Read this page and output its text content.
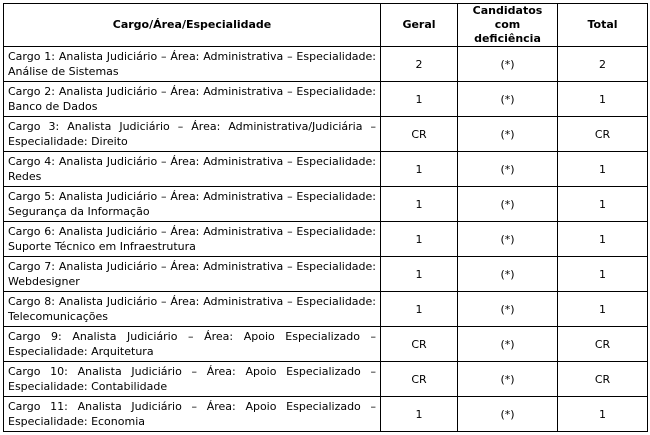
Cargo/Área/Especialidade	Geral	Candidatos com deficiência	Total
Cargo 1: Analista Judiciário – Área: Administrativa – Especialidade: Análise de Sistemas	2	(*)	2
Cargo 2: Analista Judiciário – Área: Administrativa – Especialidade: Banco de Dados	1	(*)	1
Cargo 3: Analista Judiciário – Área: Administrativa/Judiciária – Especialidade: Direito	CR	(*)	CR
Cargo 4: Analista Judiciário – Área: Administrativa – Especialidade: Redes	1	(*)	1
Cargo 5: Analista Judiciário – Área: Administrativa – Especialidade: Segurança da Informação	1	(*)	1
Cargo 6: Analista Judiciário – Área: Administrativa – Especialidade: Suporte Técnico em Infraestrutura	1	(*)	1
Cargo 7: Analista Judiciário – Área: Administrativa – Especialidade: Webdesigner	1	(*)	1
Cargo 8: Analista Judiciário – Área: Administrativa – Especialidade: Telecomunicações	1	(*)	1
Cargo 9: Analista Judiciário – Área: Apoio Especializado – Especialidade: Arquitetura	CR	(*)	CR
Cargo 10: Analista Judiciário – Área: Apoio Especializado – Especialidade: Contabilidade	CR	(*)	CR
Cargo 11: Analista Judiciário – Área: Apoio Especializado – Especialidade: Economia	1	(*)	1
